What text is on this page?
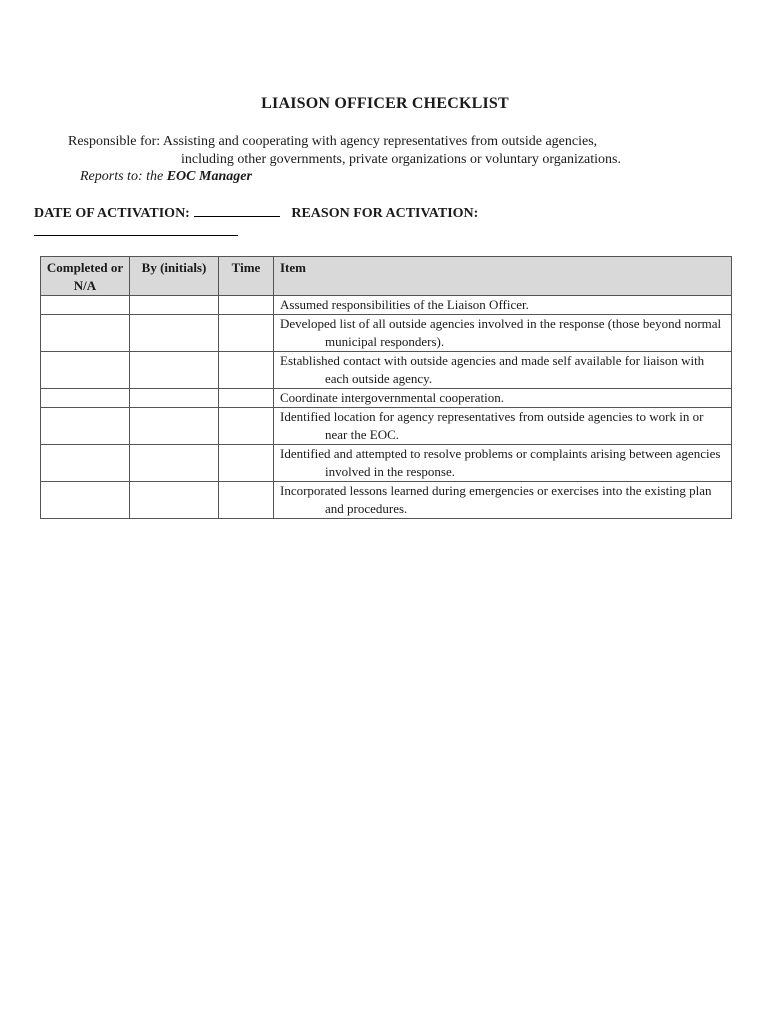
LIAISON OFFICER CHECKLIST
Responsible for: Assisting and cooperating with agency representatives from outside agencies,
including other governments, private organizations or voluntary organizations.
Reports to: the EOC Manager
DATE OF ACTIVATION:	REASON FOR ACTIVATION:
Completed or N/A	By (initials)	Time	Item

			Assumed responsibilities of the Liaison Officer.

			Developed list of all outside agencies involved in the response (those beyond normal municipal responders).

			Established contact with outside agencies and made self available for liaison with each outside agency.

			Coordinate intergovernmental cooperation.

			Identified location for agency representatives from outside agencies to work in or near the EOC.

			Identified and attempted to resolve problems or complaints arising between agencies involved in the response.

			Incorporated lessons learned during emergencies or exercises into the existing plan and procedures.
